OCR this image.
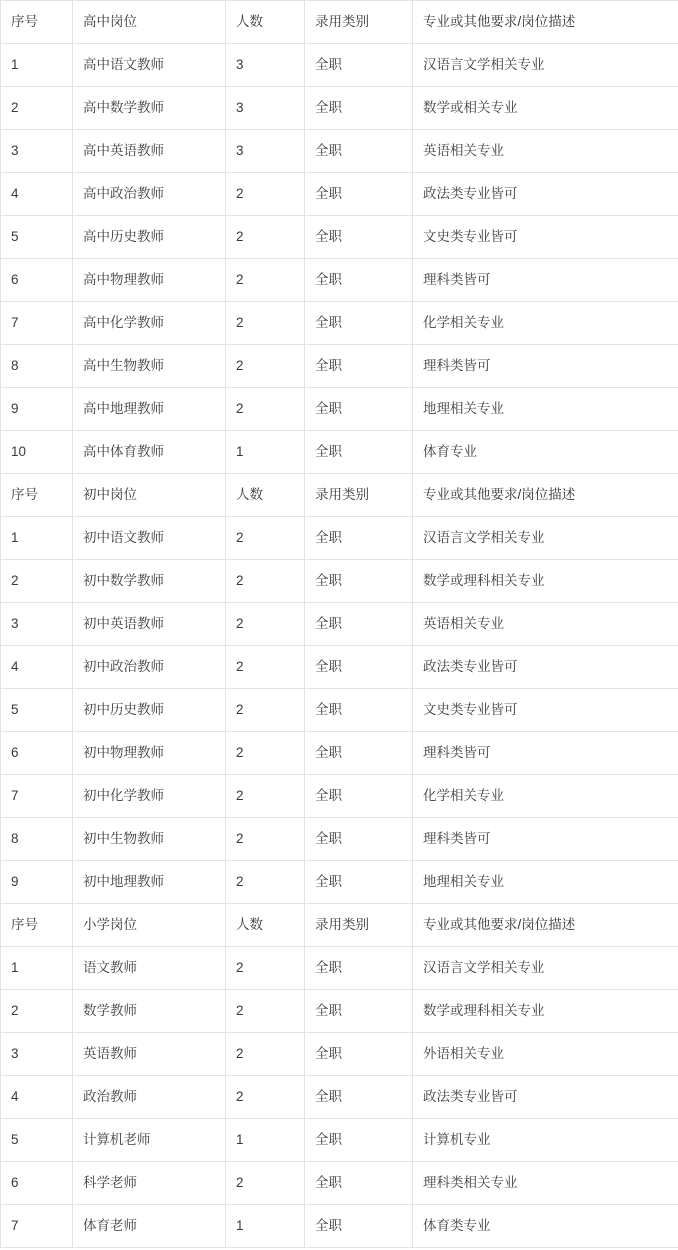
序号	高中岗位	人数	录用类别	专业或其他要求/岗位描述
1	高中语文教师	3	全职	汉语言文学相关专业
2	高中数学教师	3	全职	数学或相关专业
3	高中英语教师	3	全职	英语相关专业
4	高中政治教师	2	全职	政法类专业皆可
5	高中历史教师	2	全职	文史类专业皆可
6	高中物理教师	2	全职	理科类皆可
7	高中化学教师	2	全职	化学相关专业
8	高中生物教师	2	全职	理科类皆可
9	高中地理教师	2	全职	地理相关专业
10	高中体育教师	1	全职	体育专业
序号	初中岗位	人数	录用类别	专业或其他要求/岗位描述
1	初中语文教师	2	全职	汉语言文学相关专业
2	初中数学教师	2	全职	数学或理科相关专业
3	初中英语教师	2	全职	英语相关专业
4	初中政治教师	2	全职	政法类专业皆可
5	初中历史教师	2	全职	文史类专业皆可
6	初中物理教师	2	全职	理科类皆可
7	初中化学教师	2	全职	化学相关专业
8	初中生物教师	2	全职	理科类皆可
9	初中地理教师	2	全职	地理相关专业
序号	小学岗位	人数	录用类别	专业或其他要求/岗位描述
1	语文教师	2	全职	汉语言文学相关专业
2	数学教师	2	全职	数学或理科相关专业
3	英语教师	2	全职	外语相关专业
4	政治教师	2	全职	政法类专业皆可
5	计算机老师	1	全职	计算机专业
6	科学老师	2	全职	理科类相关专业
7	体育老师	1	全职	体育类专业
